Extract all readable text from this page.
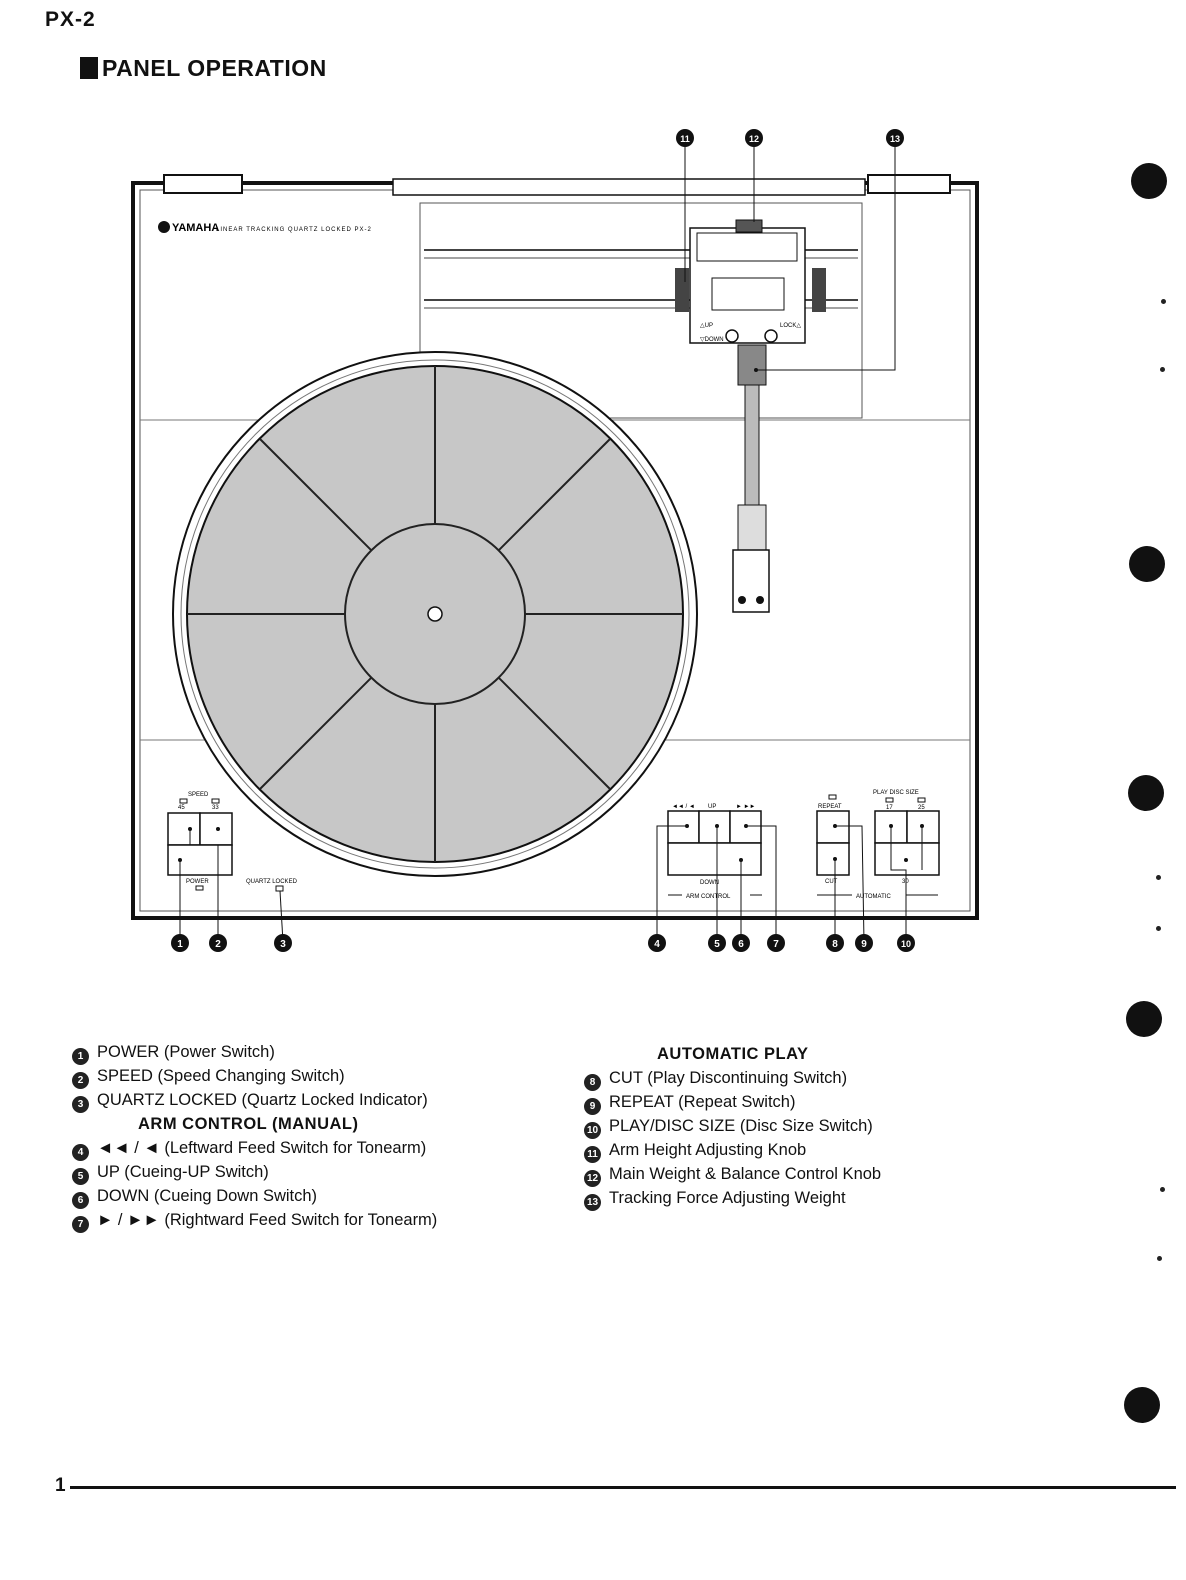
PX-2
PANEL OPERATION
△UP
▽DOWN
LOCK△
YAMAHA
LINEAR TRACKING QUARTZ LOCKED PX-2
SPEED
45	33
POWER	QUARTZ LOCKED
◄◄ / ◄ UP	► ►►
DOWN
ARM CONTROL
REPEAT
CUT
PLAY DISC SIZE
17	25
30
AUTOMATIC
11	12	13
1	2	3	4	5 6	7	8 9	10
1 POWER (Power Switch)
2 SPEED (Speed Changing Switch)
3 QUARTZ LOCKED (Quartz Locked Indicator)
ARM CONTROL (MANUAL)
4 ◄◄ / ◄ (Leftward Feed Switch for Tonearm)
5 UP (Cueing-UP Switch)
6 DOWN (Cueing Down Switch)
7 ► / ►► (Rightward Feed Switch for Tonearm)
AUTOMATIC PLAY
8 CUT (Play Discontinuing Switch)
9 REPEAT (Repeat Switch)
10 PLAY/DISC SIZE (Disc Size Switch)
11 Arm Height Adjusting Knob
12 Main Weight & Balance Control Knob
13 Tracking Force Adjusting Weight
1
